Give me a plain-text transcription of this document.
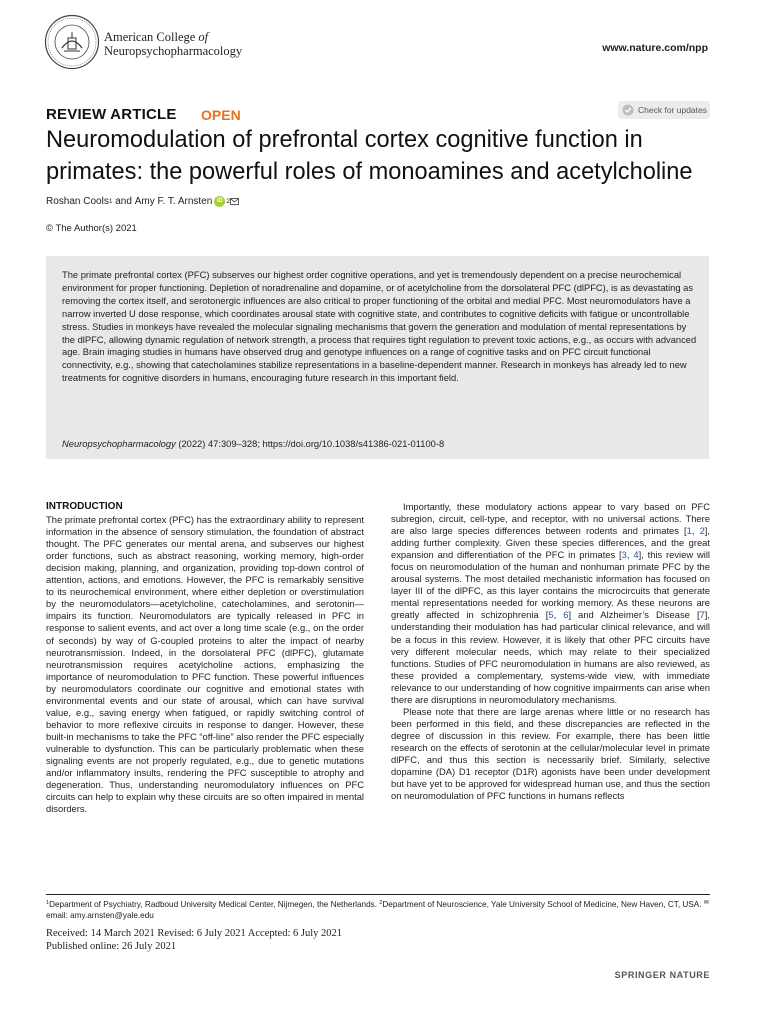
American College of
Neuropsychopharmacology	www.nature.com/npp
REVIEW ARTICLE OPEN	Check for updates
Neuromodulation of prefrontal cortex cognitive function in primates: the powerful roles of monoamines and acetylcholine
Roshan Cools 1 and Amy F. T. Arnsten iD 2
© The Author(s) 2021

The primate prefrontal cortex (PFC) subserves our highest order cognitive operations, and yet is tremendously dependent on a precise neurochemical environment for proper functioning. Depletion of noradrenaline and dopamine, or of acetylcholine from the dorsolateral PFC (dlPFC), is as devastating as removing the cortex itself, and serotonergic influences are also critical to proper functioning of the orbital and medial PFC. Most neuromodulators have a narrow inverted U dose response, which coordinates arousal state with cognitive state, and contributes to cognitive deficits with fatigue or uncontrollable stress. Studies in monkeys have revealed the molecular signaling mechanisms that govern the generation and modulation of mental representations by the dlPFC, allowing dynamic regulation of network strength, a process that requires tight regulation to prevent toxic actions, e.g., as occurs with advanced age. Brain imaging studies in humans have observed drug and genotype influences on a range of cognitive tasks and on PFC circuit functional connectivity, e.g., showing that catecholamines stabilize representations in a baseline-dependent manner. Research in monkeys has already led to new treatments for cognitive disorders in humans, encouraging future research in this important field.

Neuropsychopharmacology (2022) 47:309–328; https://doi.org/10.1038/s41386-021-01100-8
INTRODUCTION

The primate prefrontal cortex (PFC) has the extraordinary ability to represent information in the absence of sensory stimulation, the foundation of abstract thought. The PFC generates our mental arena, and subserves our highest order functions, such as abstract reasoning, working memory, high-order decision making, planning, and organization, providing top-down control of attention, actions, and emotions. However, the PFC is remarkably sensitive to its neurochemical environment, where either depletion or overstimulation by the neuromodulators—acetylcholine, catecholamines, and serotonin—impairs its function. Neuromodulators are typically released in PFC in response to salient events, and act over a long time scale (e.g., on the order of seconds) by way of G-coupled proteins to alter the impact of nearby neurotransmission. Indeed, in the dorsolateral PFC (dlPFC), glutamate neurotransmission requires acetylcholine actions, emphasizing the importance of neuromodulation to PFC function. These powerful influences by neuromodulators coordinate our cognitive and emotional states with environmental events and our state of arousal, which can have survival value, e.g., saving energy when fatigued, or rapidly switching control of behavior to more reflexive circuits in response to danger. However, these built-in mechanisms to take the PFC “off-line” also render the PFC especially vulnerable to dysfunction. This can be particularly problematic when these signaling events are not properly regulated, e.g., due to genetic mutations and/or inflammatory insults, rendering the PFC susceptible to atrophy and degeneration. Thus, understanding neuromodulatory influences on PFC circuits can help to explain why these circuits are so often impaired in mental disorders.

Importantly, these modulatory actions appear to vary based on PFC subregion, circuit, cell-type, and receptor, with no universal actions. There are also large species differences between rodents and primates [1, 2], adding further complexity. Given these species differences, and the great expansion and differentiation of the PFC in primates [3, 4], this review will focus on neuromodulation of the human and nonhuman primate PFC by the arousal systems. The most detailed mechanistic information has focused on layer III of the dlPFC, as this layer contains the microcircuits that generate mental representations needed for working memory. As these neurons are greatly affected in schizophrenia [5, 6] and Alzheimer’s Disease [7], understanding their modulation has had particular clinical relevance, and will be a focus in this review. However, it is likely that other PFC circuits have very different molecular needs, which may relate to their specialized functions. Studies of PFC neuromodulation in humans are also reviewed, as these provided a complementary, systems-wide view, with immediate relevance to our understanding of how cognitive impairments can arise when there are disruptions in neuromodulatory mechanisms.

Please note that there are large arenas where little or no research has been performed in this field, and these discrepancies are reflected in the degree of discussion in this review. For example, there has been little research on the effects of serotonin at the cellular/molecular level in primate dlPFC, and thus this section is necessarily brief. Similarly, selective dopamine (DA) D1 receptor (D1R) agonists have been under development but have yet to be approved for widespread human use, and thus the section on neuromodulation of PFC functions in humans reflects

$^1$Department of Psychiatry, Radboud University Medical Center, Nijmegen, the Netherlands. $^2$Department of Neuroscience, Yale University School of Medicine, New Haven, CT, USA. ✉email: amy.arnsten@yale.edu
Received: 14 March 2021 Revised: 6 July 2021 Accepted: 6 July 2021
Published online: 26 July 2021
SPRINGER NATURE
